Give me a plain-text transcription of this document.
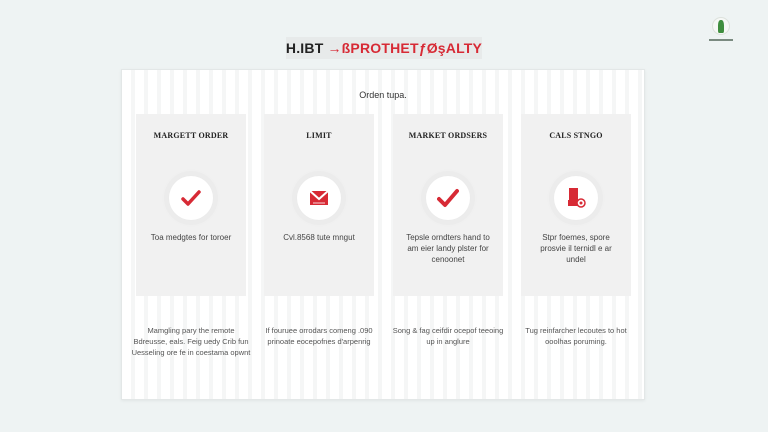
H.IBT →ßPROTHETƒØşALTY
Orden tupa.
MARGETT ORDER
Toa medgtes for toroer
LIMIT
Cvl.8568 tute mngut
MARKET ORDSERS
Tepsle orndters hand to am eier landy plster for cenoonet
CALS STNGO
Stpr foemes, spore prosvie il ternidl e ar undel
Mamgling pary the remote Bdreusse, eals. Feig uedy Crib fun Uesseling ore fe in coestama opwnt
If fouruee orrodars comeng .090 prinoate eocepofnes d'arpenrig
Song & fag ceifdir ocepof teeoing up in anglure
Tug reinfarcher lecoutes to hot ooolhas poruming.
